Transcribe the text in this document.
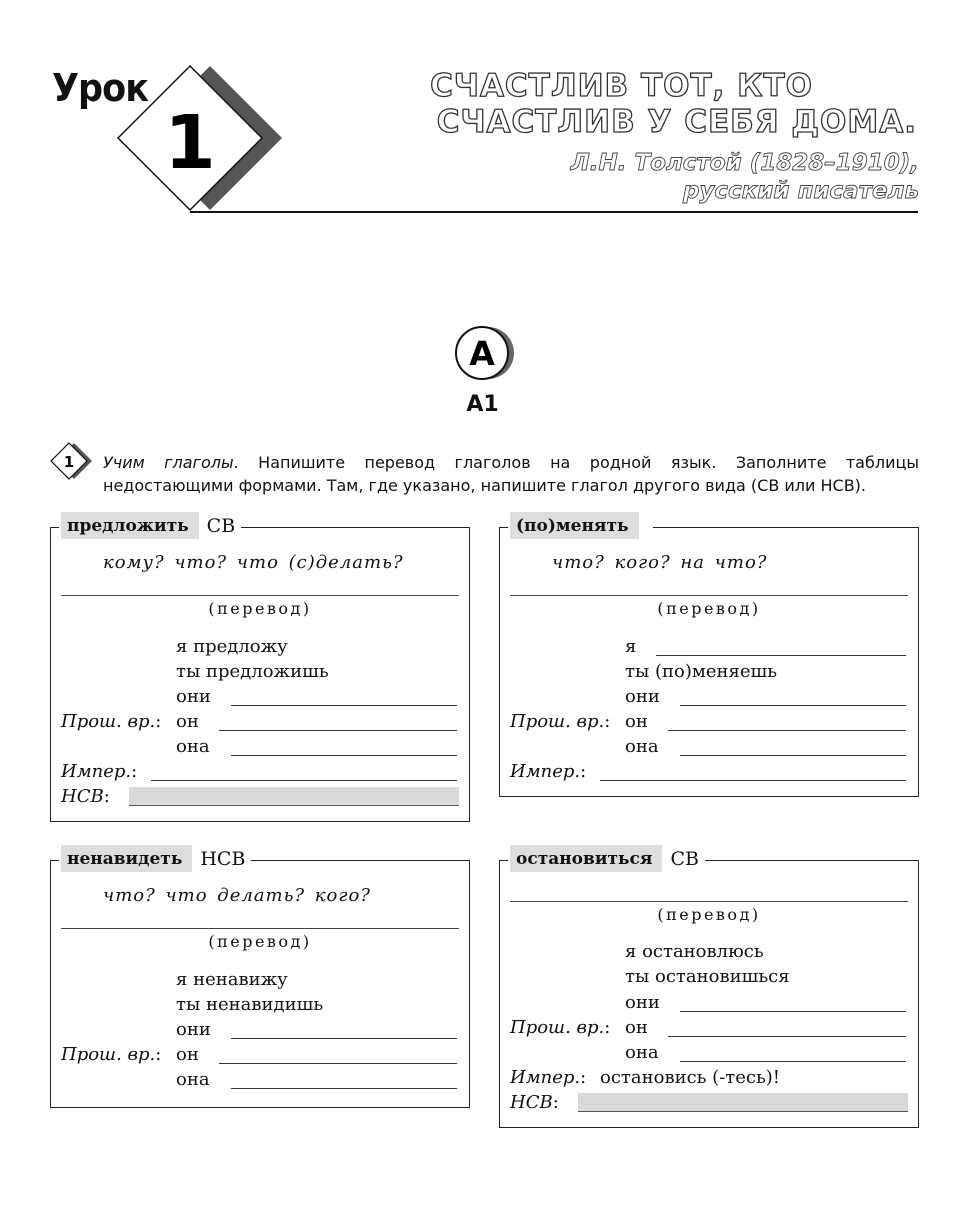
Урок
1
СЧАСТЛИВ ТОТ, КТО
СЧАСТЛИВ У СЕБЯ ДОМА.
Л.Н. Толстой (1828–1910),
русский писатель
А
А1
1 Учим глаголы. Напишите перевод глаголов на родной язык. Заполните таблицы недостающими формами. Там, где указано, напишите глагол другого вида (СВ или НСВ).
предложить СВ
кому? что? что (с)делать?
(перевод)
я предложу
ты предложишь
они
Прош. вр.: он
она
Импер.:
НСВ:
(по)менять
что? кого? на что?
(перевод)
я
ты (по)меняешь
они
Прош. вр.: он
она
Импер.:
ненавидеть НСВ
что? что делать? кого?
(перевод)
я ненавижу
ты ненавидишь
они
Прош. вр.: он
она
остановиться СВ
(перевод)
я остановлюсь
ты остановишься
они
Прош. вр.: он
она
Импер.: остановись (-тесь)!
НСВ:
